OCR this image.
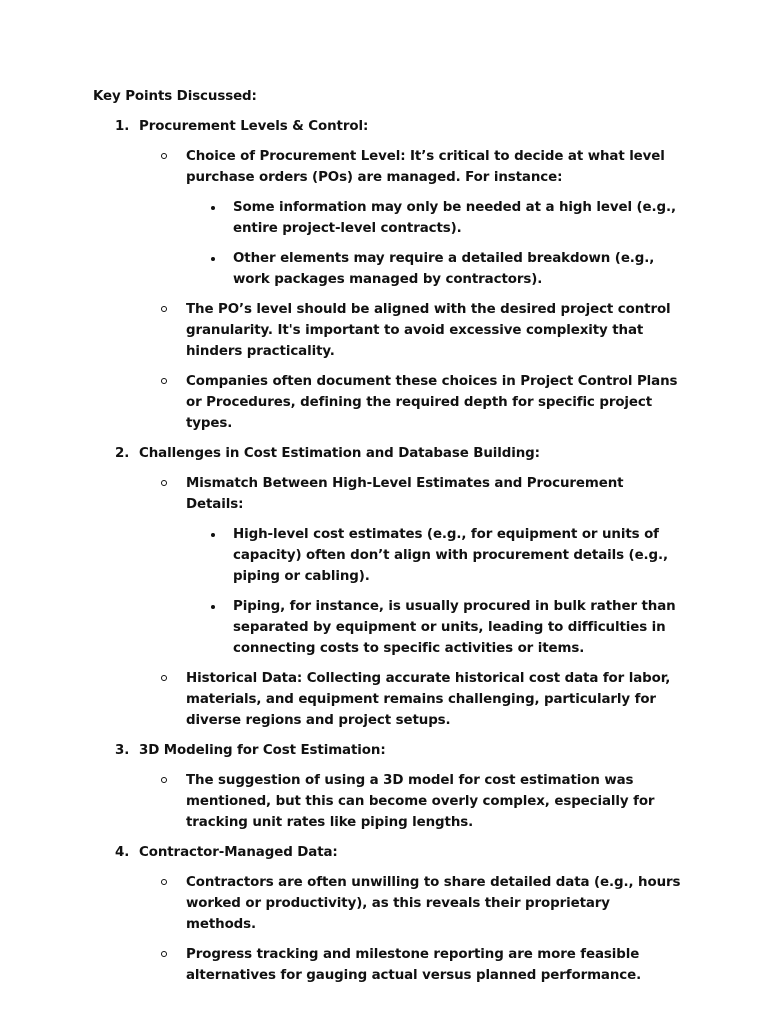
Key Points Discussed:
1. Procurement Levels & Control:
Choice of Procurement Level: It’s critical to decide at what level purchase orders (POs) are managed. For instance:
Some information may only be needed at a high level (e.g., entire project-level contracts).
Other elements may require a detailed breakdown (e.g., work packages managed by contractors).
The PO’s level should be aligned with the desired project control granularity. It's important to avoid excessive complexity that hinders practicality.
Companies often document these choices in Project Control Plans or Procedures, defining the required depth for specific project types.
2. Challenges in Cost Estimation and Database Building:
Mismatch Between High-Level Estimates and Procurement Details:
High-level cost estimates (e.g., for equipment or units of capacity) often don’t align with procurement details (e.g., piping or cabling).
Piping, for instance, is usually procured in bulk rather than separated by equipment or units, leading to difficulties in connecting costs to specific activities or items.
Historical Data: Collecting accurate historical cost data for labor, materials, and equipment remains challenging, particularly for diverse regions and project setups.
3. 3D Modeling for Cost Estimation:
The suggestion of using a 3D model for cost estimation was mentioned, but this can become overly complex, especially for tracking unit rates like piping lengths.
4. Contractor-Managed Data:
Contractors are often unwilling to share detailed data (e.g., hours worked or productivity), as this reveals their proprietary methods.
Progress tracking and milestone reporting are more feasible alternatives for gauging actual versus planned performance.
